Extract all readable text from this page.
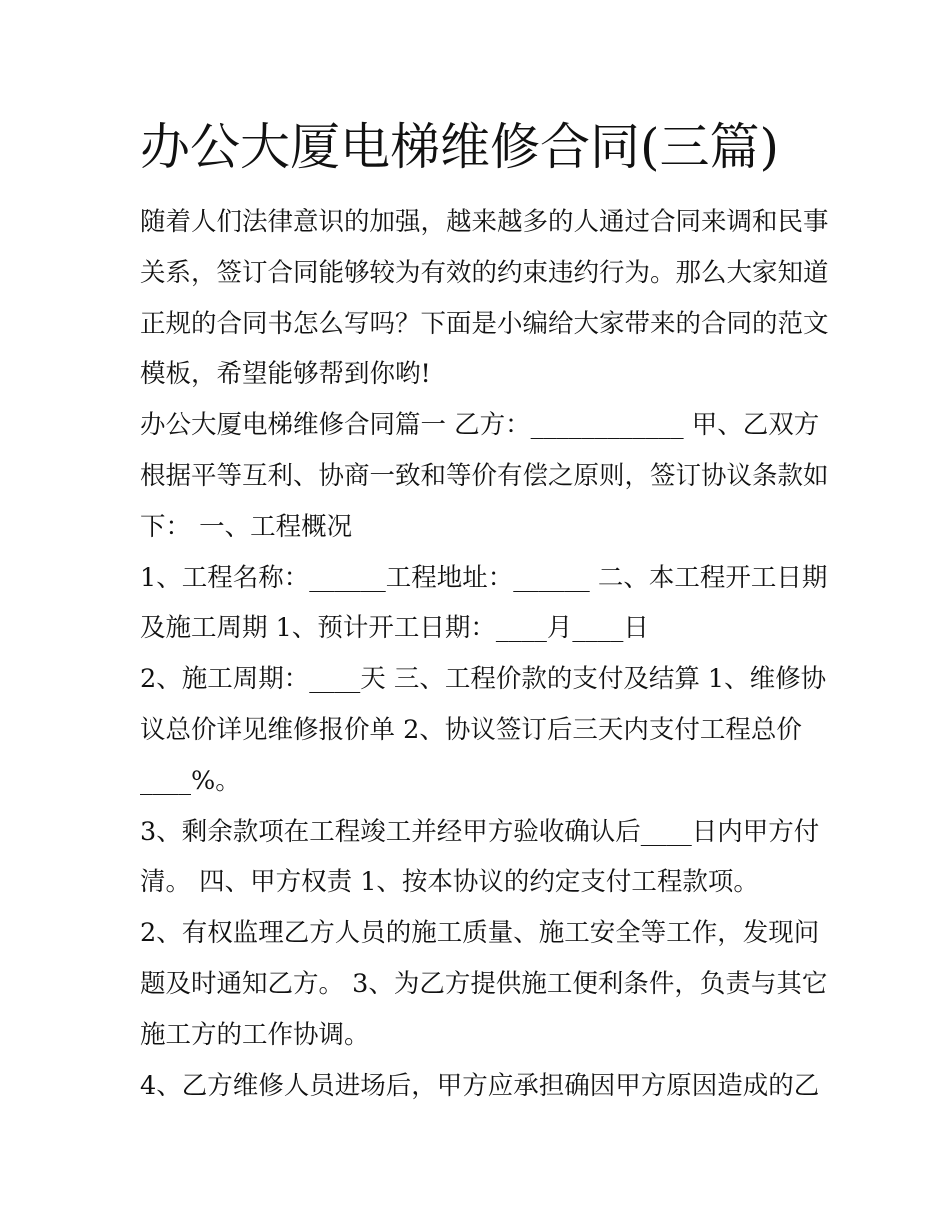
办公大厦电梯维修合同(三篇)
随着人们法律意识的加强，越来越多的人通过合同来调和民事
关系，签订合同能够较为有效的约束违约行为。那么大家知道
正规的合同书怎么写吗？下面是小编给大家带来的合同的范文
模板，希望能够帮到你哟!
办公大厦电梯维修合同篇一 乙方：____________ 甲、乙双方
根据平等互利、协商一致和等价有偿之原则，签订协议条款如
下： 一、工程概况
1、工程名称：______工程地址：______ 二、本工程开工日期
及施工周期 1、预计开工日期：____月____日
2、施工周期：____天 三、工程价款的支付及结算 1、维修协
议总价详见维修报价单 2、协议签订后三天内支付工程总价
____%。
3、剩余款项在工程竣工并经甲方验收确认后____日内甲方付
清。 四、甲方权责 1、按本协议的约定支付工程款项。
2、有权监理乙方人员的施工质量、施工安全等工作，发现问
题及时通知乙方。 3、为乙方提供施工便利条件，负责与其它
施工方的工作协调。
4、乙方维修人员进场后，甲方应承担确因甲方原因造成的乙
